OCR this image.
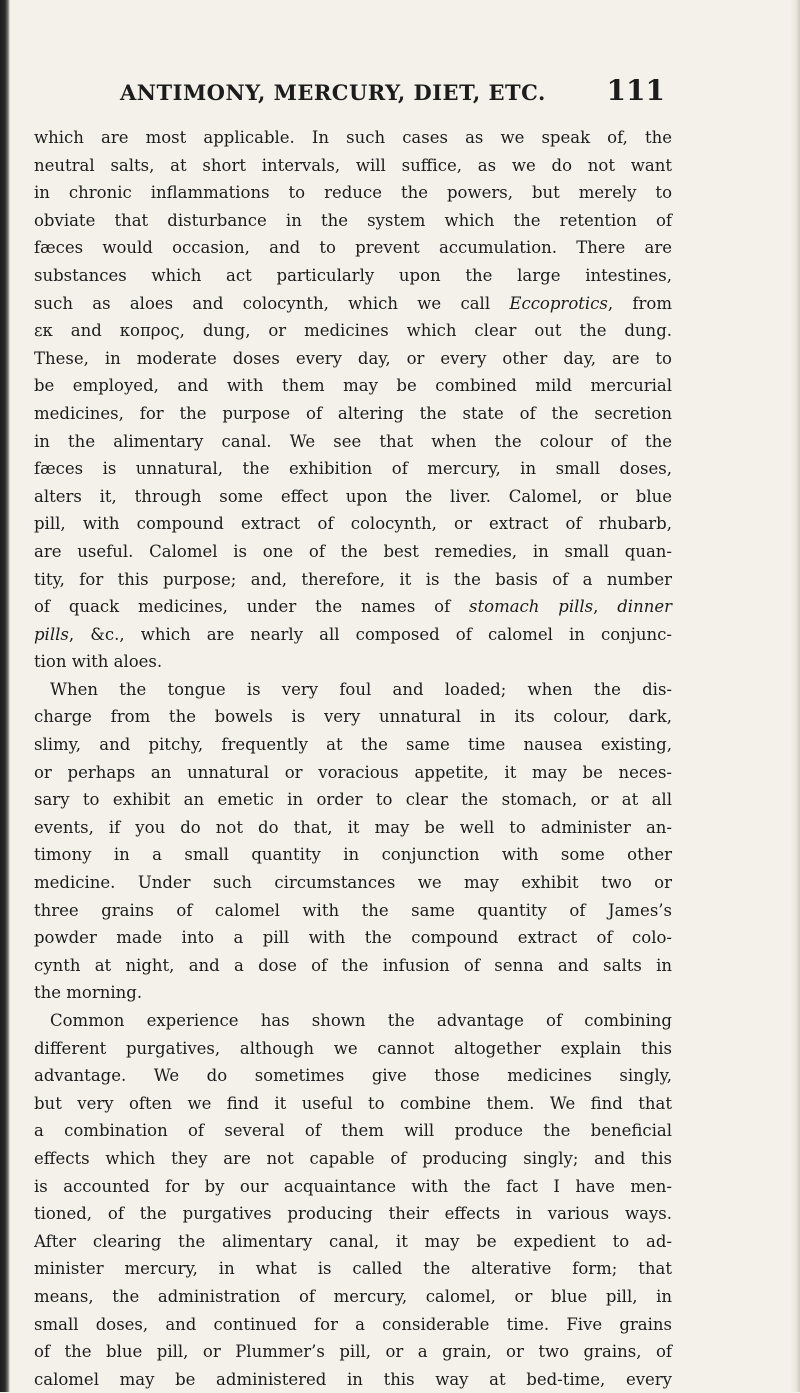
ANTIMONY, MERCURY, DIET, ETC. 111
which are most applicable. In such cases as we speak of, the
neutral salts, at short intervals, will suffice, as we do not want
in chronic inflammations to reduce the powers, but merely to
obviate that disturbance in the system which the retention of
fæces would occasion, and to prevent accumulation. There are
substances which act particularly upon the large intestines,
such as aloes and colocynth, which we call Eccoprotics, from
εκ and κοπρος, dung, or medicines which clear out the dung.
These, in moderate doses every day, or every other day, are to
be employed, and with them may be combined mild mercurial
medicines, for the purpose of altering the state of the secretion
in the alimentary canal. We see that when the colour of the
fæces is unnatural, the exhibition of mercury, in small doses,
alters it, through some effect upon the liver. Calomel, or blue
pill, with compound extract of colocynth, or extract of rhubarb,
are useful. Calomel is one of the best remedies, in small quan-
tity, for this purpose; and, therefore, it is the basis of a number
of quack medicines, under the names of stomach pills, dinner
pills, &c., which are nearly all composed of calomel in conjunc-
tion with aloes.
When the tongue is very foul and loaded; when the dis-
charge from the bowels is very unnatural in its colour, dark,
slimy, and pitchy, frequently at the same time nausea existing,
or perhaps an unnatural or voracious appetite, it may be neces-
sary to exhibit an emetic in order to clear the stomach, or at all
events, if you do not do that, it may be well to administer an-
timony in a small quantity in conjunction with some other
medicine. Under such circumstances we may exhibit two or
three grains of calomel with the same quantity of James’s
powder made into a pill with the compound extract of colo-
cynth at night, and a dose of the infusion of senna and salts in
the morning.
Common experience has shown the advantage of combining
different purgatives, although we cannot altogether explain this
advantage. We do sometimes give those medicines singly,
but very often we find it useful to combine them. We find that
a combination of several of them will produce the beneficial
effects which they are not capable of producing singly; and this
is accounted for by our acquaintance with the fact I have men-
tioned, of the purgatives producing their effects in various ways.
After clearing the alimentary canal, it may be expedient to ad-
minister mercury, in what is called the alterative form; that
means, the administration of mercury, calomel, or blue pill, in
small doses, and continued for a considerable time. Five grains
of the blue pill, or Plummer’s pill, or a grain, or two grains, of
calomel may be administered in this way at bed-time, every
